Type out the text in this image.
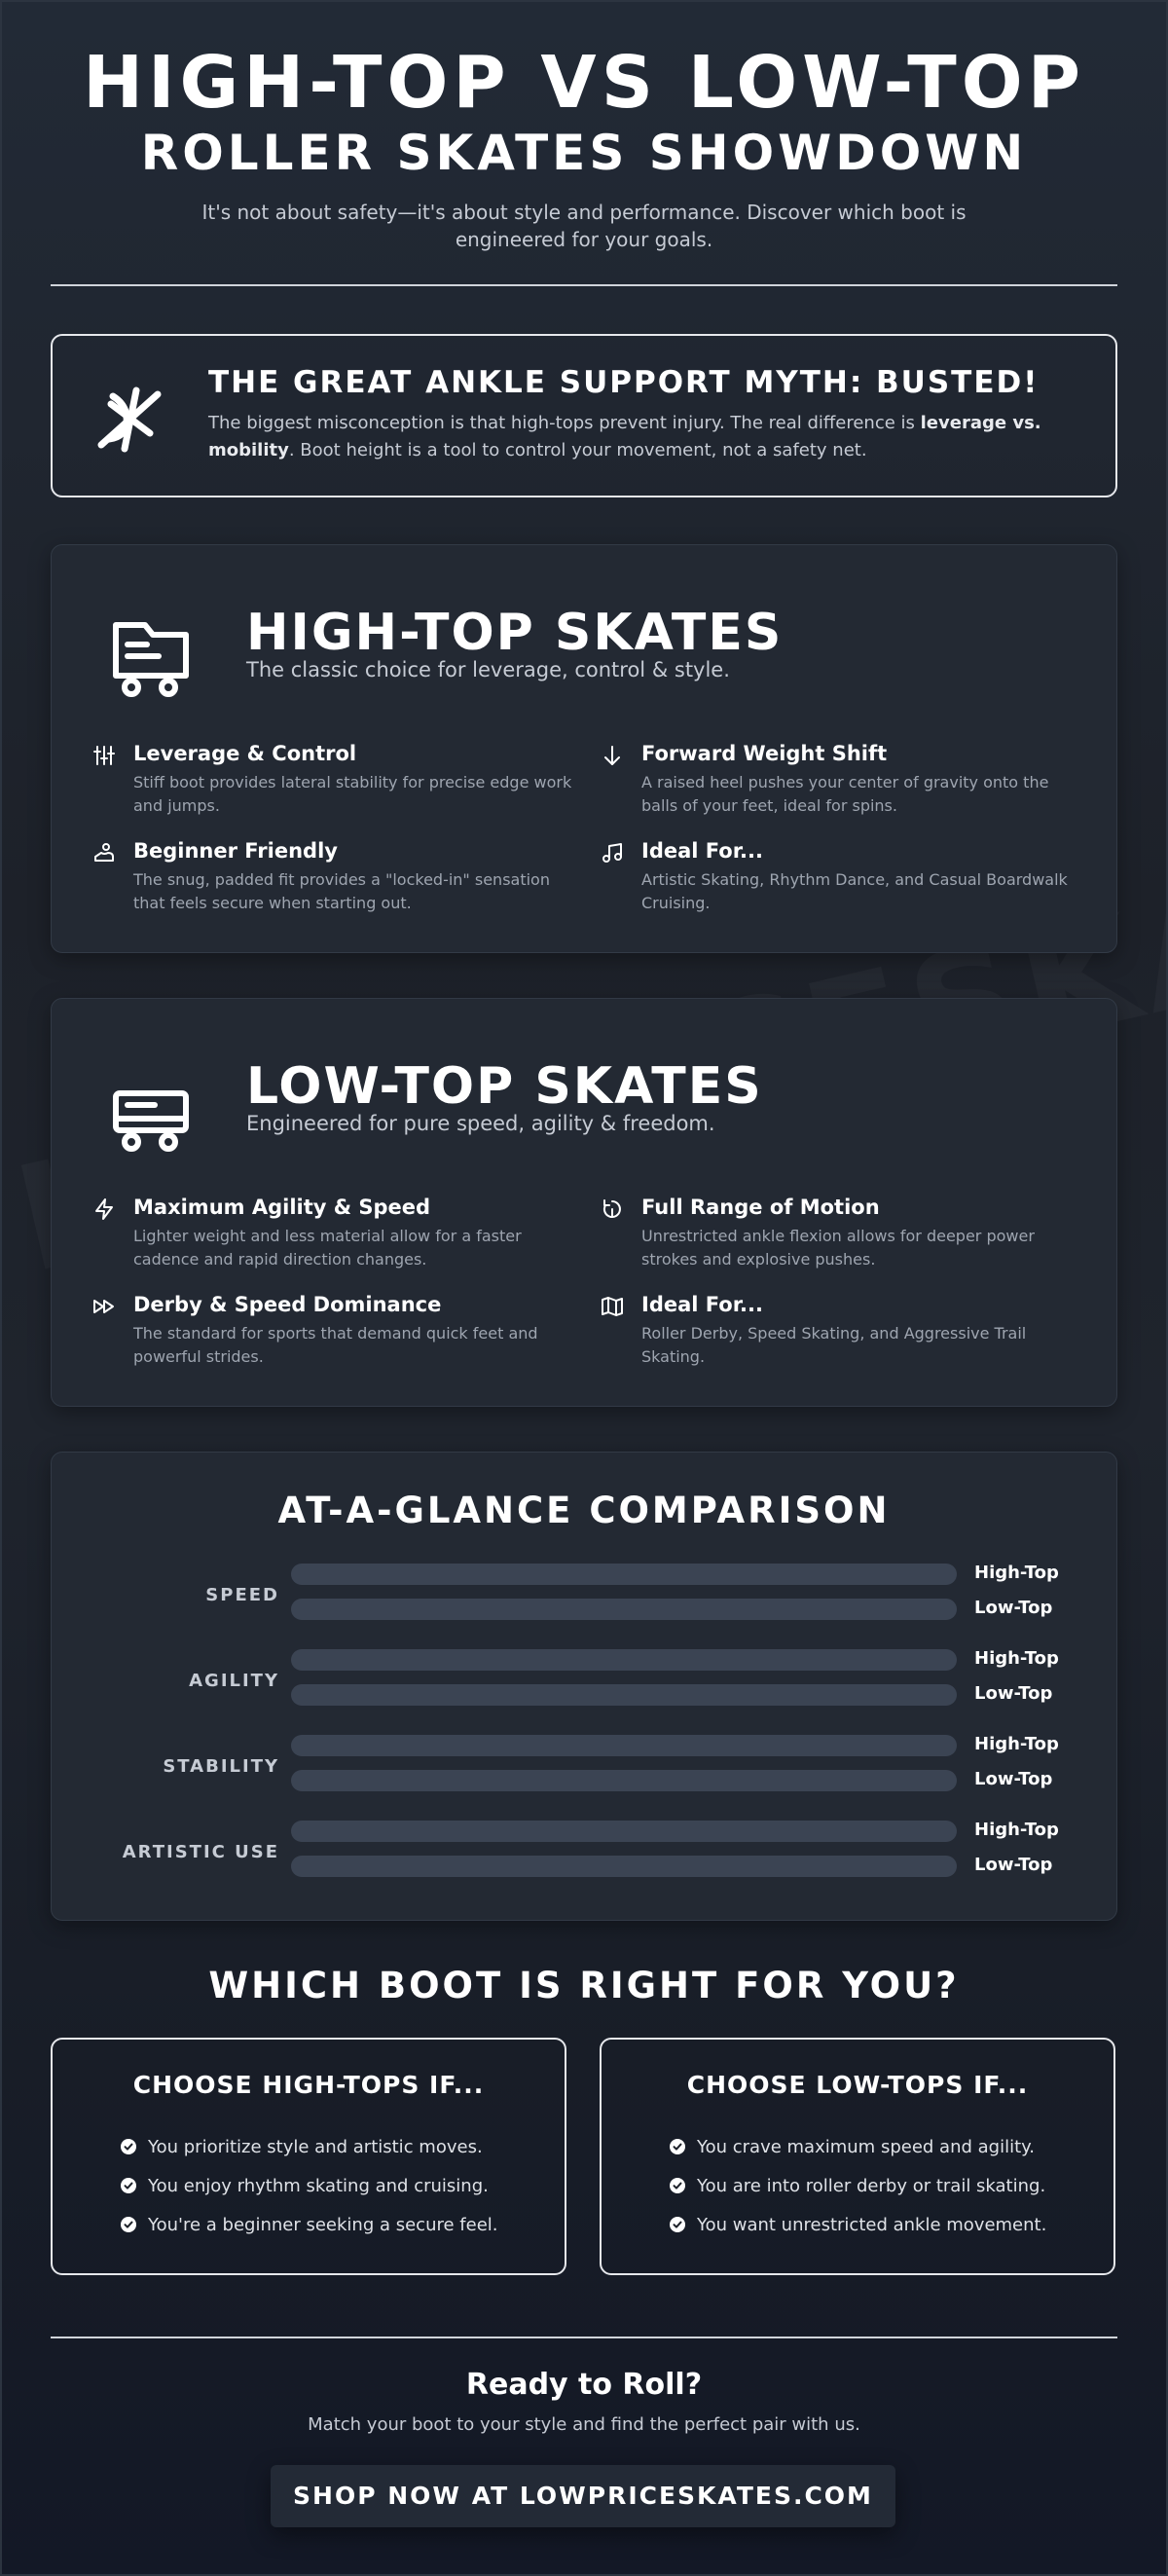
HIGH-TOP VS LOW-TOP
ROLLER SKATES SHOWDOWN
It's not about safety—it's about style and performance. Discover which boot is engineered for your goals.
THE GREAT ANKLE SUPPORT MYTH: BUSTED!
The biggest misconception is that high-tops prevent injury. The real difference is leverage vs. mobility. Boot height is a tool to control your movement, not a safety net.
HIGH-TOP SKATES
The classic choice for leverage, control & style.
Leverage & Control
Stiff boot provides lateral stability for precise edge work and jumps.
Forward Weight Shift
A raised heel pushes your center of gravity onto the balls of your feet, ideal for spins.
Beginner Friendly
The snug, padded fit provides a "locked-in" sensation that feels secure when starting out.
Ideal For...
Artistic Skating, Rhythm Dance, and Casual Boardwalk Cruising.
LOW-TOP SKATES
Engineered for pure speed, agility & freedom.
Maximum Agility & Speed
Lighter weight and less material allow for a faster cadence and rapid direction changes.
Full Range of Motion
Unrestricted ankle flexion allows for deeper power strokes and explosive pushes.
Derby & Speed Dominance
The standard for sports that demand quick feet and powerful strides.
Ideal For...
Roller Derby, Speed Skating, and Aggressive Trail Skating.
AT-A-GLANCE COMPARISON
SPEED
High-Top
Low-Top
AGILITY
High-Top
Low-Top
STABILITY
High-Top
Low-Top
ARTISTIC USE
High-Top
Low-Top
WHICH BOOT IS RIGHT FOR YOU?
CHOOSE HIGH-TOPS IF...
You prioritize style and artistic moves.
You enjoy rhythm skating and cruising.
You're a beginner seeking a secure feel.
CHOOSE LOW-TOPS IF...
You crave maximum speed and agility.
You are into roller derby or trail skating.
You want unrestricted ankle movement.
Ready to Roll?
Match your boot to your style and find the perfect pair with us.
SHOP NOW AT LOWPRICESKATES.COM
